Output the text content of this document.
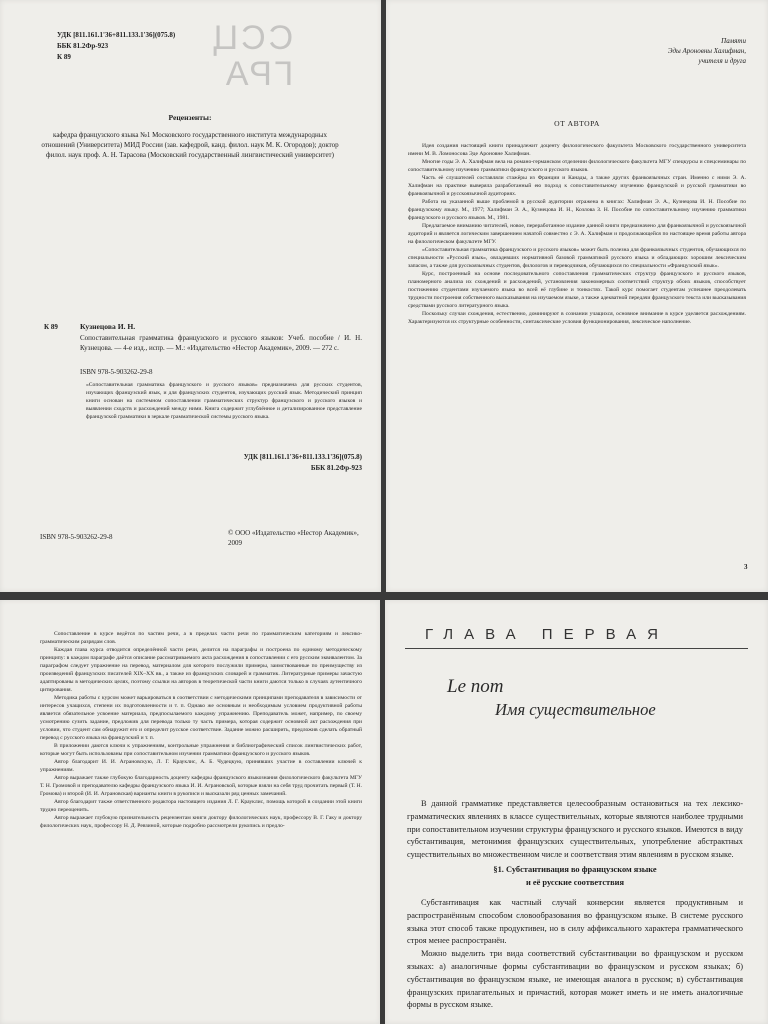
ССЦ
ГРА
УДК [811.161.1'36+811.133.1'36](075.8)
ББК 81.2Фр-923
К 89
Рецензенты:
кафедра французского языка №1 Московского государственного института международных отношений (Университета) МИД России (зав. кафедрой, канд. филол. наук М. К. Огородов); доктор филол. наук проф. А. Н. Тарасова (Московский государственный лингвистический университет)
К 89	Кузнецова И. Н.
Сопоставительная грамматика французского и русского языков: Учеб. пособие / И. Н. Кузнецова. — 4-е изд., испр. — М.: «Издательство «Нестор Академик», 2009. — 272 с.
ISBN 978-5-903262-29-8
«Сопоставительная грамматика французского и русского языков» предназначена для русских студентов, изучающих французский язык, и для французских студентов, изучающих русский язык. Методический принцип книги основан на системном сопоставлении грамматических структур французского и русского языков и выявлении сходств и расхождений между ними. Книга содержит углублённое и детализированное представление французской грамматики в зеркале грамматической системы русского языка.
УДК [811.161.1'36+811.133.1'36](075.8)
ББК 81.2Фр-923
ISBN 978-5-903262-29-8	© ООО «Издательство «Нестор Академик», 2009
Памяти
Эды Ароновны Халифман,
учителя и друга
ОТ АВТОРА

Идея создания настоящей книги принадлежит доценту филологического факультета Московского государственного университета имени М. В. Ломоносова Эде Ароновне Халифман.

Многие годы Э. А. Халифман вела на романо-германском отделении филологического факультета МГУ спецкурсы и спецсеминары по сопоставительному изучению грамматики французского и русского языков.

Часть её слушателей составляли стажёры из Франции и Канады, а также других франкоязычных стран. Именно с ними Э. А. Халифман на практике выверяла разработанный ею подход к сопоставительному изучению французской и русской грамматики во франкоязычной и русскоязычной аудиториях.

Работа на указанной выше проблемой в русской аудитории отражена в книгах: Халифман Э. А., Кузнецова И. Н. Пособие по французскому языку. М., 1977; Халифман Э. А., Кузнецова И. Н., Козлова З. Н. Пособие по сопоставительному изучению грамматики французского и русского языков. М., 1981.

Предлагаемое вниманию читателей, новое, переработанное издание данной книги предназначено для франкоязычной и русскоязычной аудиторий и является логическим завершением начатой совместно с Э. А. Халифман и продолжающейся по настоящее время работы автора на филологическом факультете МГУ.

«Сопоставительная грамматика французского и русского языков» может быть полезна для франкоязычных студентов, обучающихся по специальности «Русский язык», овладевших нормативной базовой грамматикой русского языка и обладающих хорошим лексическим запасом, а также для русскоязычных студентов, филологов и переводчиков, обучающихся по специальности «Французский язык».

Курс, построенный на основе последовательного сопоставления грамматических структур французского и русского языков, планомерного анализа их схождений и расхождений, установления закономерных соответствий структур обоих языков, способствует постижению студентами изучаемого языка во всей её глубине и тонкостях. Такой курс помогает студентам успешнее преодолевать трудности построения собственного высказывания на изучаемом языке, а также адекватной передачи французского текста или высказывания средствами русского литературного языка.

Поскольку случаи схождения, естественно, доминируют в сознании учащихся, основное внимание в курсе уделяется расхождениям. Характеризуются их структурные особенности, синтаксические условия функционирования, лексическое наполнение.

3

Сопоставление в курсе ведётся по частям речи, а в пределах части речи по грамматическим категориям и лексико-грамматическим разрядам слов.

Каждая глава курса отводится определённой части речи, делится на параграфы и построена по единому методическому принципу: в каждом параграфе даётся описание рассматриваемого акта расхождения в сопоставлении с его русским эквивалентом. За параграфом следует упражнение на перевод, материалом для которого послужили примеры, заимствованные по преимуществу из произведений французских писателей XIX–XX вв., а также из французских словарей и грамматик. Литературные примеры зачастую адаптированы в методических целях, поэтому ссылки на авторов в теоретической части книги даются только в случаях аутентичного цитирования.

Методика работы с курсом может варьироваться в соответствии с методическими принципами преподавателя в зависимости от интересов учащихся, степени их подготовленности и т. п. Однако же основным и необходимым условием продуктивной работы является обязательное усвоение материала, предпосылаемого каждому упражнению. Преподаватель может, например, по своему усмотрению сузить задание, предложив для перевода только ту часть примера, которая содержит основной акт расхождения при условии, что студент сам обнаружит его и определит русское соответствие. Задание можно расширить, предложив сделать обратный перевод с русского языка на французский и т. п.

В приложении даются ключи к упражнениям, контрольные упражнения и библиографический список лингвистических работ, которые могут быть использованы при сопоставительном изучении грамматики французского и русского языков.

Автор благодарит И. И. Аграновскую, Л. Г. Крауклис, А. Б. Чудецкую, принявших участие в составлении ключей к упражнениям.

Автор выражает также глубокую благодарность доценту кафедры французского языкознания филологического факультета МГУ Т. Н. Громовой и преподавателю кафедры французского языка И. И. Аграновской, которые взяли на себя труд прочитать первый (Т. Н. Громова) и второй (И. И. Аграновская) варианты книги в рукописи и высказали ряд ценных замечаний.

Автор благодарит также ответственного редактора настоящего издания Л. Г. Крауклис, помощь которой в создании этой книги трудно переоценить.

Автор выражает глубокую признательность рецензентам книги доктору филологических наук, профессору В. Г. Гаку и доктору филологических наук, профессору Н. Д. Ревзиной, которые подробно рассмотрели рукопись и предло-

ГЛАВА ПЕРВАЯ
Le nom
Имя существительное

В данной грамматике представляется целесообразным остановиться на тех лексико-грамматических явлениях в классе существительных, которые являются наиболее трудными при сопоставительном изучении структуры французского и русского языков. Имеются в виду субстантивация, метонимия французских существительных, употребление абстрактных существительных во множественном числе и соответствия этим явлениям в русском языке.

§1. Субстантивация во французском языке
и её русские соответствия

Субстантивация как частный случай конверсии является продуктивным и распространённым способом словообразования во французском языке. В системе русского языка этот способ также продуктивен, но в силу аффиксального характера грамматического строя менее распространён.

Можно выделить три вида соответствий субстантивации во французском и русском языках: а) аналогичные формы субстантивации во французском и русском языках; б) субстантивация во французском языке, не имеющая аналога в русском; в) субстантивация французских прилагательных и причастий, которая может иметь и не иметь аналогичные формы в русском языке.
